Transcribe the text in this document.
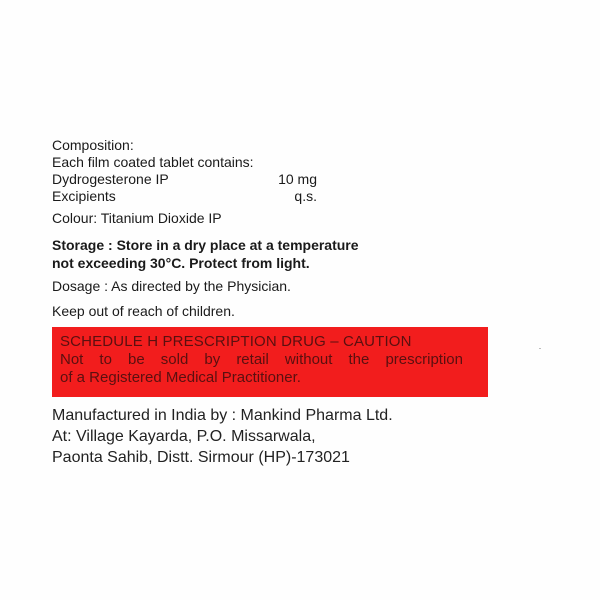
Composition:
Each film coated tablet contains:
Dydrogesterone IP	10 mg
Excipients	q.s.
Colour: Titanium Dioxide IP
Storage : Store in a dry place at a temperature
not exceeding 30°C. Protect from light.
Dosage : As directed by the Physician.
Keep out of reach of children.
SCHEDULE H PRESCRIPTION DRUG – CAUTION
Not to be sold by retail without the prescription
of a Registered Medical Practitioner.
Manufactured in India by : Mankind Pharma Ltd.
At: Village Kayarda, P.O. Missarwala,
Paonta Sahib, Distt. Sirmour (HP)-173021
